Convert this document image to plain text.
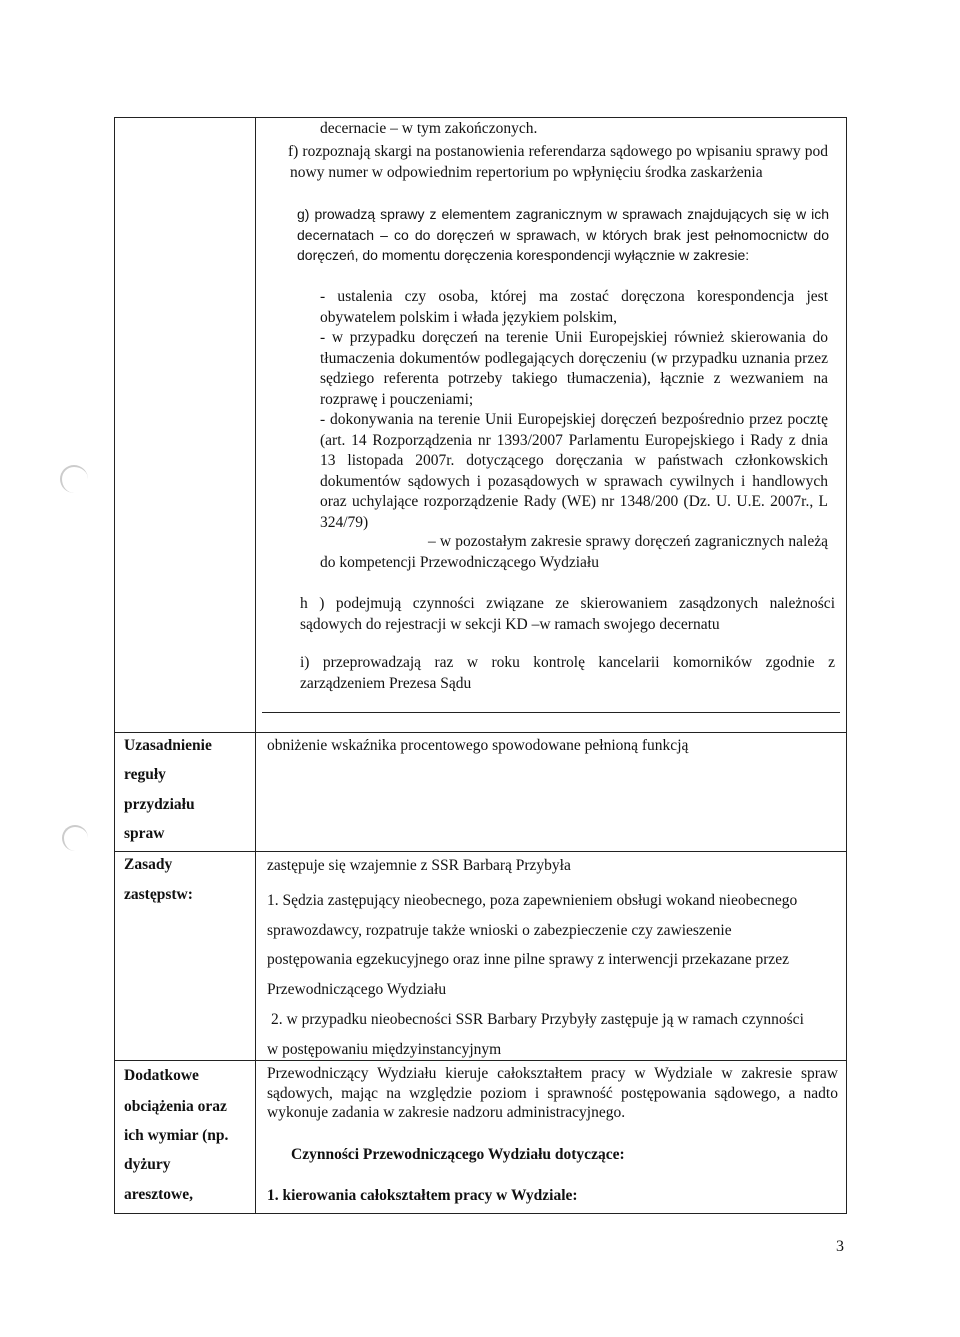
decernacie – w tym zakończonych.
f) rozpoznają skargi na postanowienia referendarza sądowego po wpisaniu sprawy pod nowy numer w odpowiednim repertorium po wpłynięciu środka zaskarżenia
g) prowadzą sprawy z elementem zagranicznym w sprawach znajdujących się w ich decernatach – co do doręczeń w sprawach, w których brak jest pełnomocnictw do doręczeń, do momentu doręczenia korespondencji wyłącznie w zakresie:
- ustalenia czy osoba, której ma zostać doręczona korespondencja jest obywatelem polskim i włada językiem polskim,
- w przypadku doręczeń na terenie Unii Europejskiej również skierowania do tłumaczenia dokumentów podlegających doręczeniu (w przypadku uznania przez sędziego referenta potrzeby takiego tłumaczenia), łącznie z wezwaniem na rozprawę i pouczeniami;
- dokonywania na terenie Unii Europejskiej doręczeń bezpośrednio przez pocztę (art. 14 Rozporządzenia nr 1393/2007 Parlamentu Europejskiego i Rady z dnia 13 listopada 2007r. dotyczącego doręczania w państwach członkowskich dokumentów sądowych i pozasądowych w sprawach cywilnych i handlowych oraz uchylające rozporządzenie Rady (WE) nr 1348/200 (Dz. U. U.E. 2007r., L 324/79)
– w pozostałym zakresie sprawy doręczeń zagranicznych należą do kompetencji Przewodniczącego Wydziału
h ) podejmują czynności związane ze skierowaniem zasądzonych należności sądowych do rejestracji w sekcji KD –w ramach swojego decernatu
i) przeprowadzają raz w roku kontrolę kancelarii komorników zgodnie z zarządzeniem Prezesa Sądu
Uzasadnienie
reguły
przydziału
spraw
obniżenie wskaźnika procentowego spowodowane pełnioną funkcją
Zasady
zastępstw:
zastępuje się wzajemnie z SSR Barbarą Przybyła
1. Sędzia zastępujący nieobecnego, poza zapewnieniem obsługi wokand nieobecnego sprawozdawcy, rozpatruje także wnioski o zabezpieczenie czy zawieszenie postępowania egzekucyjnego oraz inne pilne sprawy z interwencji przekazane przez Przewodniczącego Wydziału
2. w przypadku nieobecności SSR Barbary Przybyły zastępuje ją w ramach czynności w postępowaniu międzyinstancyjnym
Dodatkowe
obciążenia oraz
ich wymiar (np.
dyżury
aresztowe,
Przewodniczący Wydziału kieruje całokształtem pracy w Wydziale w zakresie spraw sądowych, mając na względzie poziom i sprawność postępowania sądowego, a nadto wykonuje zadania w zakresie nadzoru administracyjnego.
Czynności Przewodniczącego Wydziału dotyczące:
1. kierowania całokształtem pracy w Wydziale:
3
